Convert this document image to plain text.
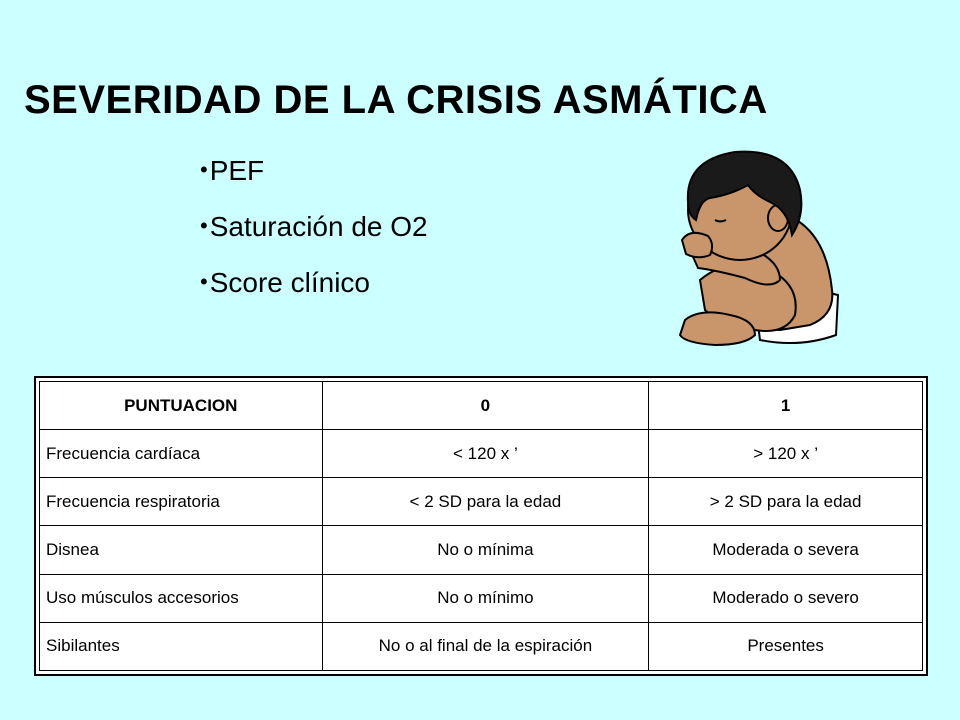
SEVERIDAD DE LA CRISIS ASMÁTICA
•PEF
•Saturación de O2
•Score clínico
PUNTUACION	0	1
Frecuencia cardíaca	< 120 x ’	> 120 x ’
Frecuencia respiratoria	< 2 SD para la edad	> 2 SD para la edad
Disnea	No o mínima	Moderada o severa
Uso músculos accesorios	No o mínimo	Moderado o severo
Sibilantes	No o al final de la espiración	Presentes
